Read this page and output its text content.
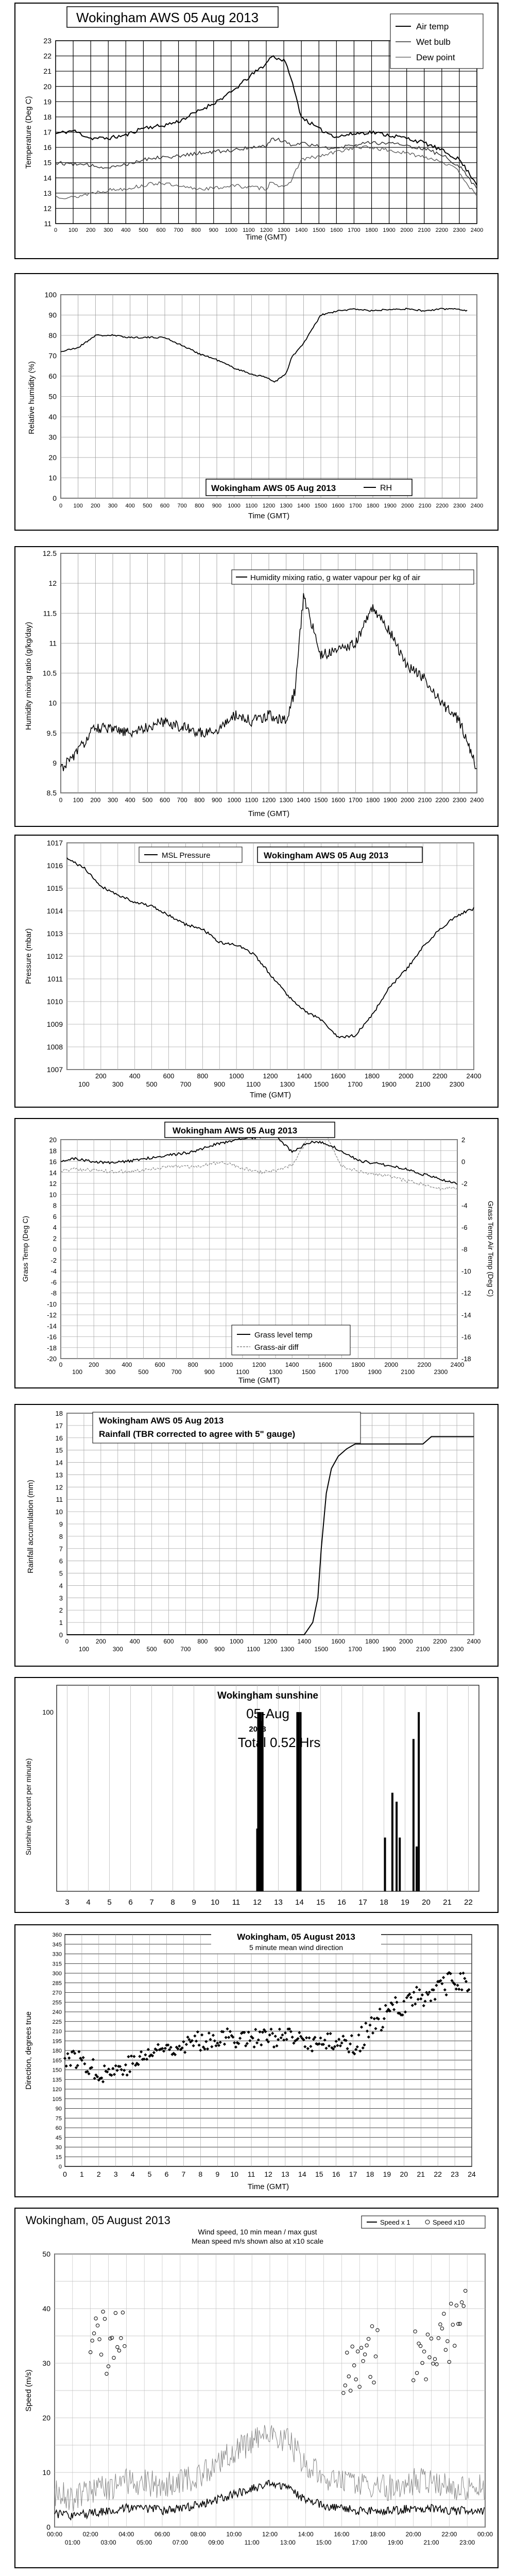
Wokingham AWS 05 Aug 2013
Air temp
Wet bulb
Dew point
11
12
13
14
15
16
17
18
19
20
21
22
23
0 100 200 300 400 500 600 700 800 900 1000 1100 1200 1300 1400 1500 1600 1700 1800 1900 2000 2100 2200 2300 2400
Time (GMT)
Temperature (Deg C)
Wokingham AWS 05 Aug 2013	RH
0
10
20
30
40
50
60
70
80
90
100
0 100 200 300 400 500 600 700 800 900 1000 1100 1200 1300 1400 1500 1600 1700 1800 1900 2000 2100 2200 2300 2400
Time (GMT)
Relative humidity (%)
Humidity mixing ratio, g water vapour per kg of air
8.5
9
9.5
10
10.5
11
11.5
12
12.5
0 100 200 300 400 500 600 700 800 900 1000 1100 1200 1300 1400 1500 1600 1700 1800 1900 2000 2100 2200 2300 2400
Time (GMT)
Humidity mixing ratio (g/kg/day)
MSL Pressure	Wokingham AWS 05 Aug 2013
1007
1008
1009
1010
1011
1012
1013
1014
1015
1016
1017
200	400	600	800	1000	1200	1400	1600	1800	2000	2200	2400
100	300	500	700	900	1100	1300	1500	1700	1900	2100	2300
Time (GMT)
Pressure (mbar)
Wokingham AWS 05 Aug 2013
Grass level temp
Grass-air diff
20
18
16
14
12
10
8
6
4
2
0
-2
-4
-6
-8
-10
-12
-14
-16
-18
-20
2
0
-2
-4
-6
-8
-10
-12
-14
-16
-18
0	200	400	600	800	1000	1200	1400	1600	1800	2000	2200	2400
100	300	500	700	900	1100	1300	1500	1700	1900	2100	2300
Time (GMT)
Grass Temp (Deg C)	Grass Temp Air Temp (Deg C)
Wokingham AWS 05 Aug 2013
Rainfall (TBR corrected to agree with 5" gauge)
0
1
2
3
4
5
6
7
8
9
10
11
12
13
14
15
16
17
18
0	200	400	600	800	1000	1200	1400	1600	1800	2000	2200	2400
100	300	500	700	900	1100	1300	1500	1700	1900	2100	2300
Rainfall accumulation (mm)
Wokingham sunshine
05-Aug
2013
Total 0.52 Hrs
3 4 5 6 7 8 9 10 11 12 13 14 15 16 17 18 19 20 21 22
100
Sunshine (percent per minute)
Wokingham, 05 August 2013
5 minute mean wind direction
0
15
30
45
60
75
90
105
120
135
150
165
180
195
210
225
240
255
270
285
300
315
330
345
360
0 1 2 3 4 5 6 7 8 9 10 11 12 13 14 15 16 17 18 19 20 21 22 23 24
Time (GMT)
Direction, degrees true
Wokingham, 05 August 2013
Wind speed, 10 min mean / max gust
Mean speed m/s shown also at x10 scale
Speed x 1	Speed x10
0
10
20
30
40
50
00:00	02:00	04:00	06:00	08:00	10:00	12:00	14:00	16:00	18:00	20:00	22:00	00:00
01:00	03:00	05:00	07:00	09:00	11:00	13:00	15:00	17:00	19:00	21:00	23:00
Speed (m/s)
